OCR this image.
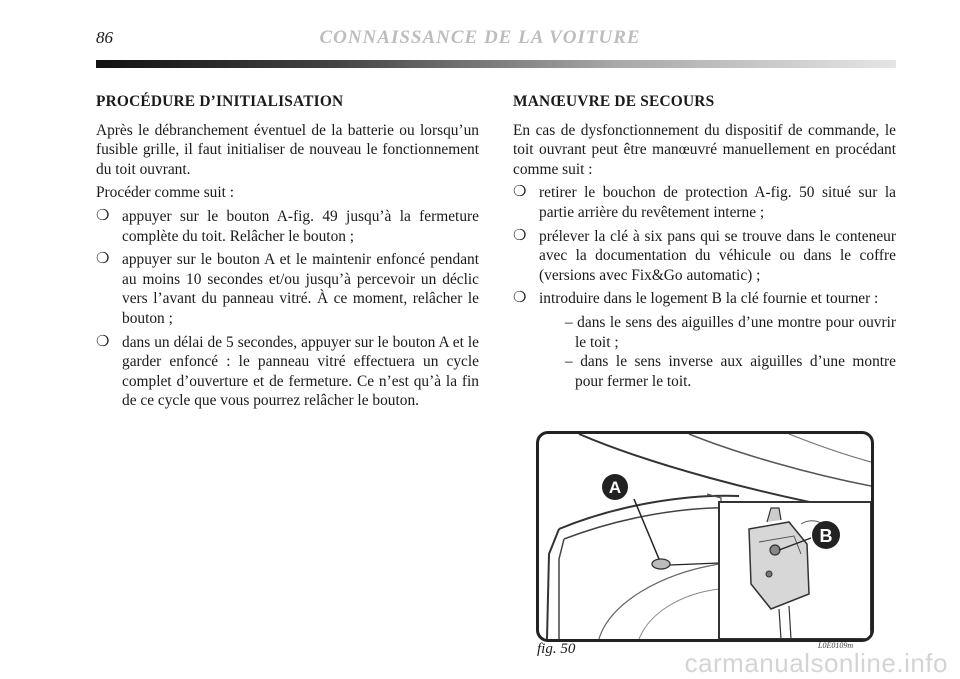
86	CONNAISSANCE DE LA VOITURE
PROCÉDURE D’INITIALISATION

Après le débranchement éventuel de la batterie ou lorsqu’un fusible grille, il faut initialiser de nouveau le fonctionnement du toit ouvrant.

Procéder comme suit :

❍
appuyer sur le bouton A-fig. 49 jusqu’à la fermeture complète du toit. Relâcher le bouton ;
❍
appuyer sur le bouton A et le maintenir enfoncé pendant au moins 10 secondes et/ou jusqu’à percevoir un déclic vers l’avant du panneau vitré. À ce moment, relâcher le bouton ;
❍
dans un délai de 5 secondes, appuyer sur le bouton A et le garder enfoncé : le panneau vitré effectuera un cycle complet d’ouverture et de fermeture. Ce n’est qu’à la fin de ce cycle que vous pourrez relâcher le bouton.
MANŒUVRE DE SECOURS

En cas de dysfonctionnement du dispositif de commande, le toit ouvrant peut être manœuvré manuellement en procédant comme suit :

❍
retirer le bouchon de protection A-fig. 50 situé sur la partie arrière du revêtement interne ;
❍
prélever la clé à six pans qui se trouve dans le conteneur avec la documentation du véhicule ou dans le coffre (versions avec Fix&Go automatic) ;
❍
introduire dans le logement B la clé fournie et tourner :

– dans le sens des aiguilles d’une montre pour ouvrir le toit ;

– dans le sens inverse aux aiguilles d’une montre pour fermer le toit.

A
B
fig. 50	L0E0109m
carmanualsonline.info
